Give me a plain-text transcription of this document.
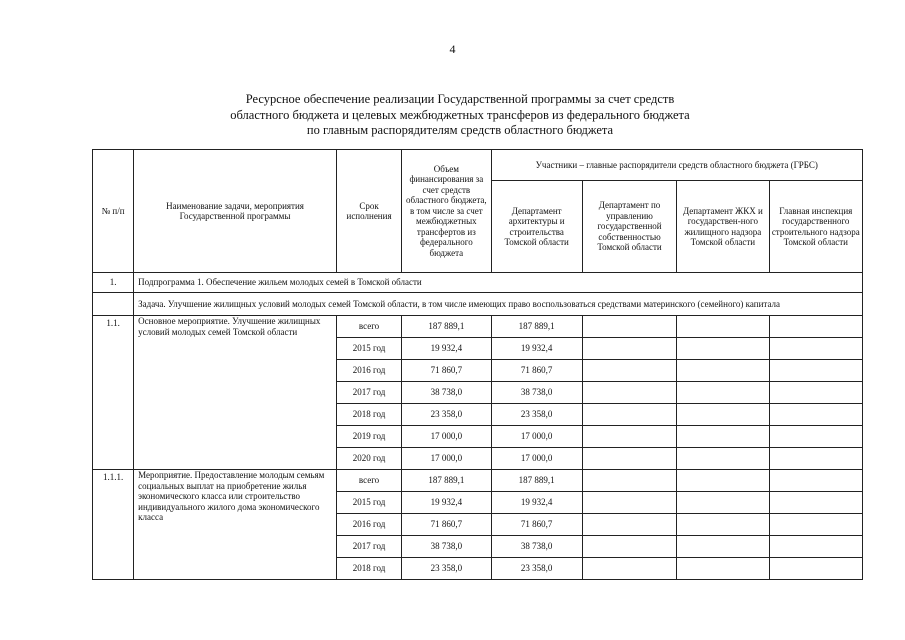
4
Ресурсное обеспечение реализации Государственной программы за счет средств
областного бюджета и целевых межбюджетных трансферов из федерального бюджета
по главным распорядителям средств областного бюджета
№ п/п	Наименование задачи, мероприятия Государственной программы	Срок исполнения	Объем финансирования за счет средств областного бюджета, в том числе за счет межбюджетных трансфертов из федерального бюджета	Участники – главные распорядители средств областного бюджета (ГРБС)			
				Департамент архитектуры и строительства Томской области	Департамент по управлению государственной собственностью Томской области	Департамент ЖКХ и государствен-ного жилищного надзора Томской области	Главная инспекция государственного строительного надзора Томской области
1.	Подпрограмма 1. Обеспечение жильем молодых семей в Томской области						
	Задача. Улучшение жилищных условий молодых семей Томской области, в том числе имеющих право воспользоваться средствами материнского (семейного) капитала						
1.1.	Основное мероприятие. Улучшение жилищных условий молодых семей Томской области	всего	187 889,1	187 889,1			
		2015 год	19 932,4	19 932,4			
		2016 год	71 860,7	71 860,7			
		2017 год	38 738,0	38 738,0			
		2018 год	23 358,0	23 358,0			
		2019 год	17 000,0	17 000,0			
		2020 год	17 000,0	17 000,0			
1.1.1.	Мероприятие. Предоставление молодым семьям социальных выплат на приобретение жилья экономического класса или строительство индивидуального жилого дома экономического класса	всего	187 889,1	187 889,1			
		2015 год	19 932,4	19 932,4			
		2016 год	71 860,7	71 860,7			
		2017 год	38 738,0	38 738,0			
		2018 год	23 358,0	23 358,0			
